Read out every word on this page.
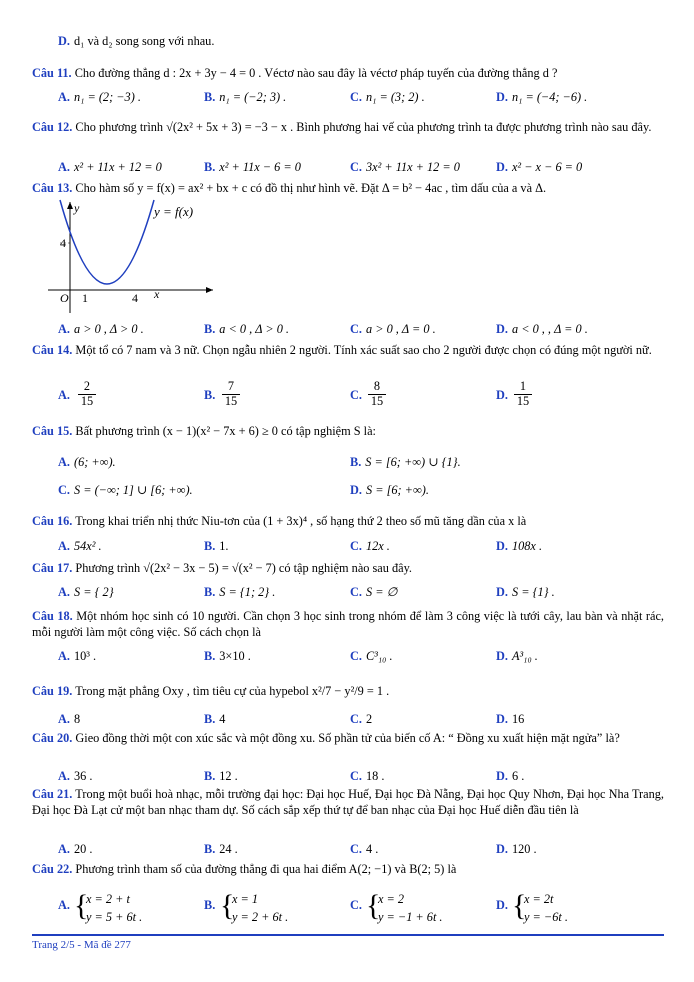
D. d₁ và d₂ song song với nhau.
Câu 11. Cho đường thẳng d : 2x + 3y − 4 = 0 . Véctơ nào sau đây là véctơ pháp tuyến của đường thẳng d ?
A. n₁ = (2; −3) .	B. n₁ = (−2; 3) .	C. n₁ = (3; 2) .	D. n₁ = (−4; −6) .
Câu 12. Cho phương trình √(2x² + 5x + 3) = −3 − x . Bình phương hai vế của phương trình ta được phương trình nào sau đây.
A. x² + 11x + 12 = 0	B. x² + 11x − 6 = 0	C. 3x² + 11x + 12 = 0	D. x² − x − 6 = 0
Câu 13. Cho hàm số y = f(x) = ax² + bx + c có đồ thị như hình vẽ. Đặt Δ = b² − 4ac , tìm dấu của a và Δ.
y	y = f(x)
4
O 1	4 x
A. a > 0 , Δ > 0 .	B. a < 0 , Δ > 0 .	C. a > 0 , Δ = 0 .	D. a < 0 , , Δ = 0 .
Câu 14. Một tổ có 7 nam và 3 nữ. Chọn ngẫu nhiên 2 người. Tính xác suất sao cho 2 người được chọn có đúng một người nữ.
A.
2
15	B.
7
15	C.
8
15	D.
1
15
Câu 15. Bất phương trình (x − 1)(x² − 7x + 6) ≥ 0 có tập nghiệm S là:
A. (6; +∞).	B. S = [6; +∞) ∪ {1}.
C. S = (−∞; 1] ∪ [6; +∞).	D. S = [6; +∞).
Câu 16. Trong khai triển nhị thức Niu-tơn của (1 + 3x)⁴ , số hạng thứ 2 theo số mũ tăng dần của x là
A. 54x² .	B. 1.	C. 12x .	D. 108x .
Câu 17. Phương trình √(2x² − 3x − 5) = √(x² − 7) có tập nghiệm nào sau đây.
A. S = { 2}	B. S = {1; 2} .	C. S = ∅	D. S = {1} .
Câu 18. Một nhóm học sinh có 10 người. Cần chọn 3 học sinh trong nhóm để làm 3 công việc là tưới cây, lau bàn và nhặt rác, mỗi người làm một công việc. Số cách chọn là
A. 10³ .	B. 3×10 .	C. C³₁₀ .	D. A³₁₀ .
Câu 19. Trong mặt phẳng Oxy , tìm tiêu cự của hypebol x²/7 − y²/9 = 1 .
A. 8	B. 4	C. 2	D. 16
Câu 20. Gieo đồng thời một con xúc sắc và một đồng xu. Số phần tử của biến cố A: “ Đồng xu xuất hiện mặt ngửa” là?
A. 36 .	B. 12 .	C. 18 .	D. 6 .
Câu 21. Trong một buổi hoà nhạc, mỗi trường đại học: Đại học Huế, Đại học Đà Nẵng, Đại học Quy Nhơn, Đại học Nha Trang, Đại học Đà Lạt cử một ban nhạc tham dự. Số cách sắp xếp thứ tự để ban nhạc của Đại học Huế diễn đầu tiên là
A. 20 .	B. 24 .	C. 4 .	D. 120 .
Câu 22. Phương trình tham số của đường thẳng đi qua hai điểm A(2; −1) và B(2; 5) là
A. {
x = 2 + t
y = 5 + 6t .
B. {
x = 1
y = 2 + 6t .
C. {
x = 2
y = −1 + 6t .
D. {
x = 2t
y = −6t .
Trang 2/5 - Mã đề 277
